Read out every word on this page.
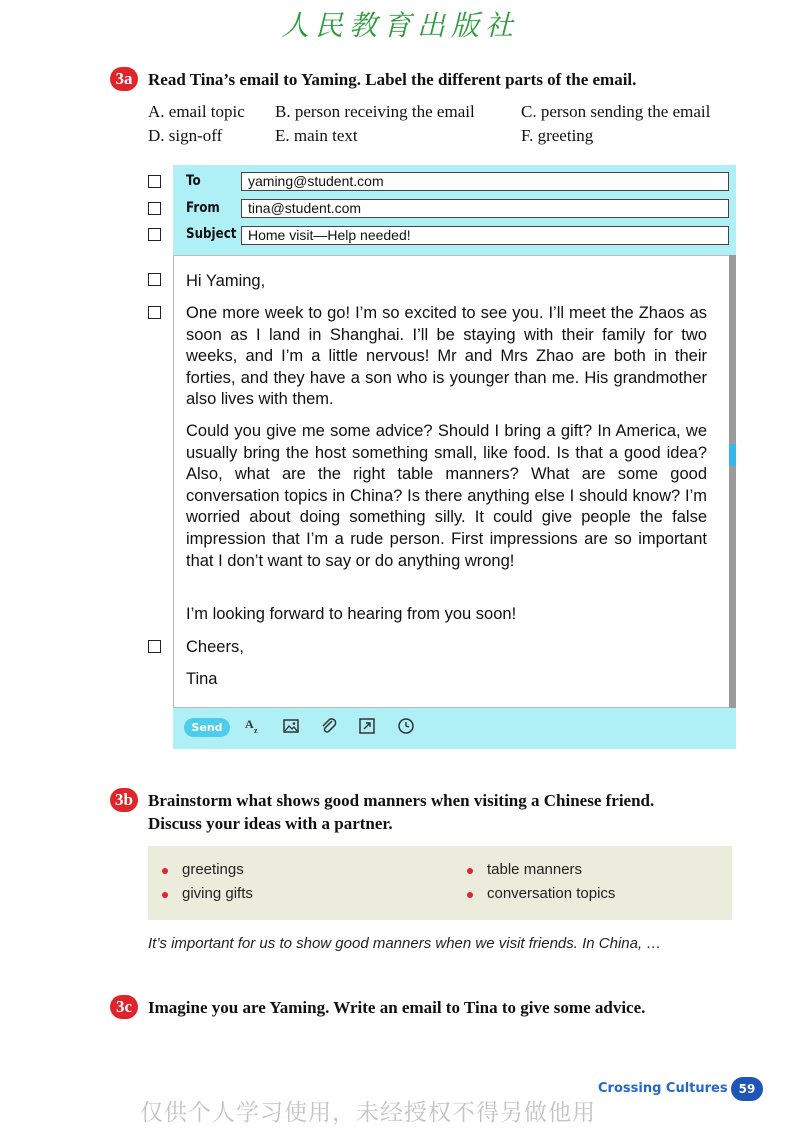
人民教育出版社
3a Read Tina’s email to Yaming. Label the different parts of the email.
A. email topic B. person receiving the email	C. person sending the email
D. sign-off	E. main text	F. greeting
To	yaming@student.com
From	tina@student.com
Subject Home visit—Help needed!
Hi Yaming,
One more week to go! I’m so excited to see you. I’ll meet the Zhaos as soon as I land in Shanghai. I’ll be staying with their family for two weeks, and I’m a little nervous! Mr and Mrs Zhao are both in their forties, and they have a son who is younger than me. His grandmother also lives with them.
Could you give me some advice? Should I bring a gift? In America, we usually bring the host something small, like food. Is that a good idea? Also, what are the right table manners? What are some good conversation topics in China? Is there anything else I should know? I’m worried about doing something silly. It could give people the false impression that I’m a rude person. First impressions are so important that I don’t want to say or do anything wrong!
I’m looking forward to hearing from you soon!
Cheers,
Tina
Send	A z
3b Brainstorm what shows good manners when visiting a Chinese friend.
Discuss your ideas with a partner.
greetings
giving gifts
table manners
conversation topics
It’s important for us to show good manners when we visit friends. In China, …
3c Imagine you are Yaming. Write an email to Tina to give some advice.
Crossing Cultures 59
仅供个人学习使用，未经授权不得另做他用
